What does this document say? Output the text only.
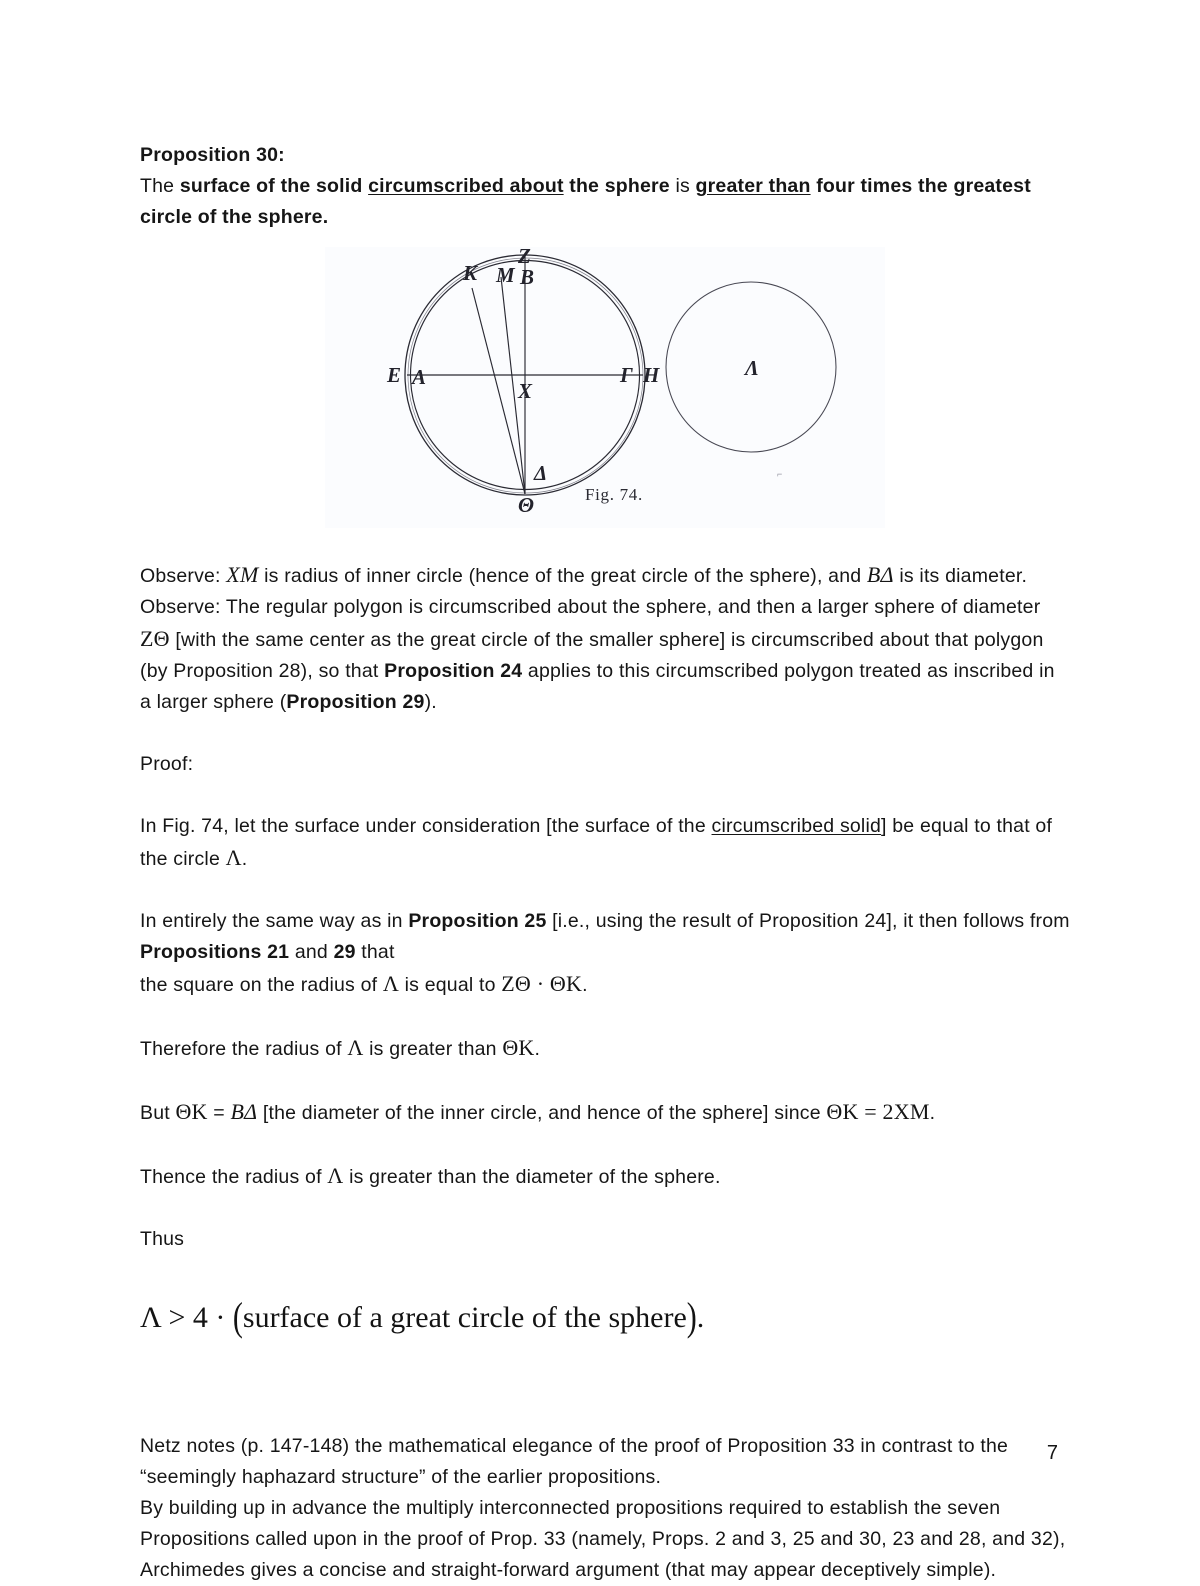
Proposition 30:

The surface of the solid circumscribed about the sphere is greater than four times the greatest circle of the sphere.

K
Z
M B
E A	Γ H
X
Δ
Θ
Λ
⌐
Fig. 74.

Observe: XM is radius of inner circle (hence of the great circle of the sphere), and BΔ is its diameter.

Observe: The regular polygon is circumscribed about the sphere, and then a larger sphere of diameter ZΘ [with the same center as the great circle of the smaller sphere] is circumscribed about that polygon (by Proposition 28), so that Proposition 24 applies to this circumscribed polygon treated as inscribed in a larger sphere (Proposition 29).

Proof:

In Fig. 74, let the surface under consideration [the surface of the circumscribed solid] be equal to that of the circle Λ.

In entirely the same way as in Proposition 25 [i.e., using the result of Proposition 24], it then follows from Propositions 21 and 29 that
the square on the radius of Λ is equal to ZΘ · ΘK.

Therefore the radius of Λ is greater than ΘK.

But ΘK = BΔ [the diameter of the inner circle, and hence of the sphere] since ΘK = 2XM.

Thence the radius of Λ is greater than the diameter of the sphere.

Thus

Λ > 4 · (surface of a great circle of the sphere).

Netz notes (p. 147-148) the mathematical elegance of the proof of Proposition 33 in contrast to the “seemingly haphazard structure” of the earlier propositions.

By building up in advance the multiply interconnected propositions required to establish the seven Propositions called upon in the proof of Prop. 33 (namely, Props. 2 and 3, 25 and 30, 23 and 28, and 32), Archimedes gives a concise and straight-forward argument (that may appear deceptively simple).

7
